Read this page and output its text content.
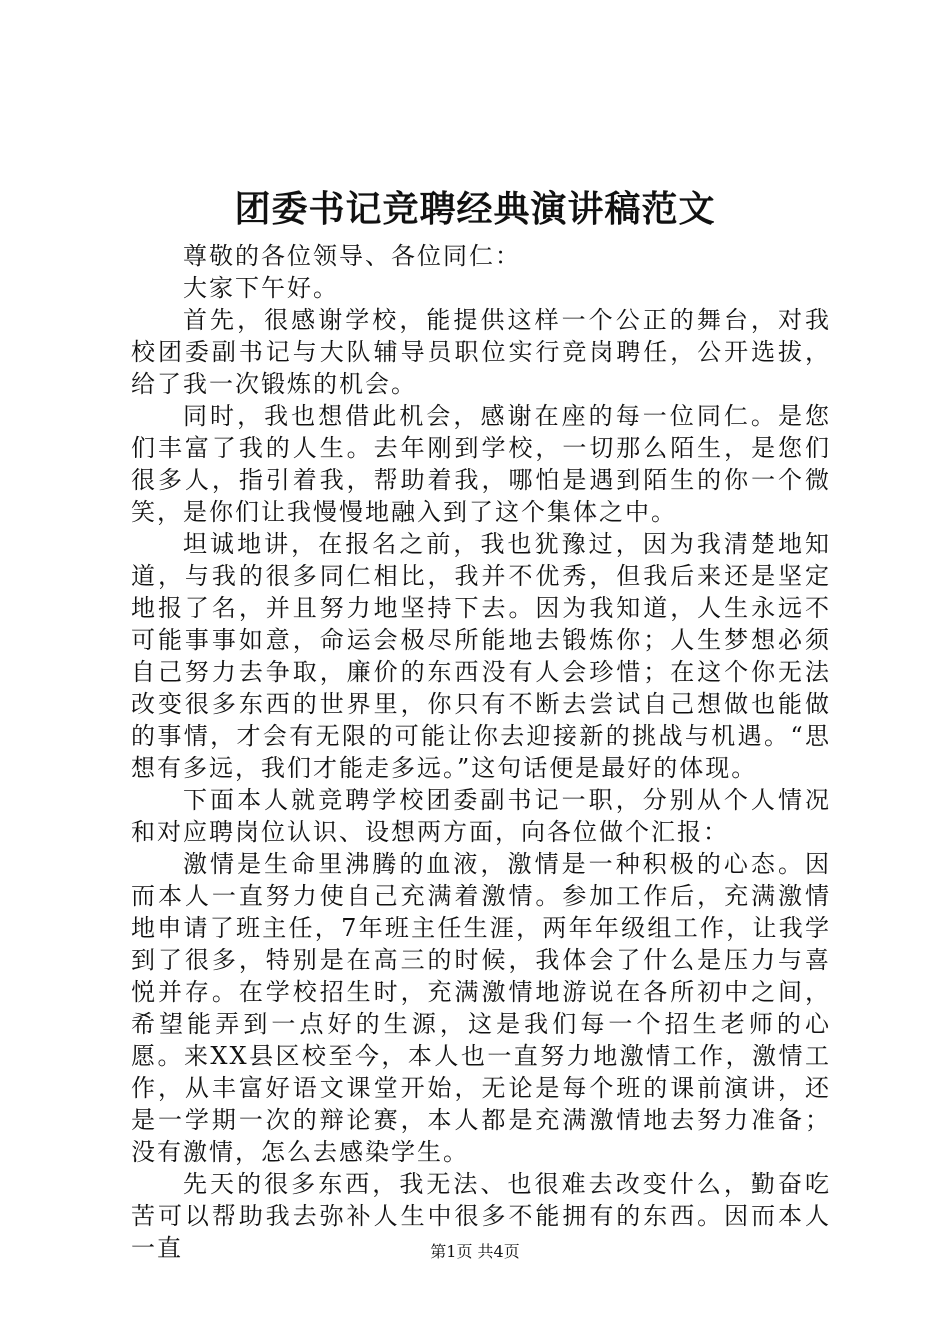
团委书记竞聘经典演讲稿范文

尊敬的各位领导、各位同仁：

大家下午好。

首先，很感谢学校，能提供这样一个公正的舞台，对我校团委副书记与大队辅导员职位实行竞岗聘任，公开选拔，给了我一次锻炼的机会。

同时，我也想借此机会，感谢在座的每一位同仁。是您们丰富了我的人生。去年刚到学校，一切那么陌生，是您们很多人，指引着我，帮助着我，哪怕是遇到陌生的你一个微笑，是你们让我慢慢地融入到了这个集体之中。

坦诚地讲，在报名之前，我也犹豫过，因为我清楚地知道，与我的很多同仁相比，我并不优秀，但我后来还是坚定地报了名，并且努力地坚持下去。因为我知道，人生永远不可能事事如意，命运会极尽所能地去锻炼你；人生梦想必须自己努力去争取，廉价的东西没有人会珍惜；在这个你无法改变很多东西的世界里，你只有不断去尝试自己想做也能做的事情，才会有无限的可能让你去迎接新的挑战与机遇。“思想有多远，我们才能走多远。”这句话便是最好的体现。

下面本人就竞聘学校团委副书记一职，分别从个人情况和对应聘岗位认识、设想两方面，向各位做个汇报：

激情是生命里沸腾的血液，激情是一种积极的心态。因而本人一直努力使自己充满着激情。参加工作后，充满激情地申请了班主任，7年班主任生涯，两年年级组工作，让我学到了很多，特别是在高三的时候，我体会了什么是压力与喜悦并存。在学校招生时，充满激情地游说在各所初中之间，希望能弄到一点好的生源，这是我们每一个招生老师的心愿。来XX县区校至今，本人也一直努力地激情工作，激情工作，从丰富好语文课堂开始，无论是每个班的课前演讲，还是一学期一次的辩论赛，本人都是充满激情地去努力准备；没有激情，怎么去感染学生。

先天的很多东西，我无法、也很难去改变什么，勤奋吃苦可以帮助我去弥补人生中很多不能拥有的东西。因而本人一直	第1页 共4页
